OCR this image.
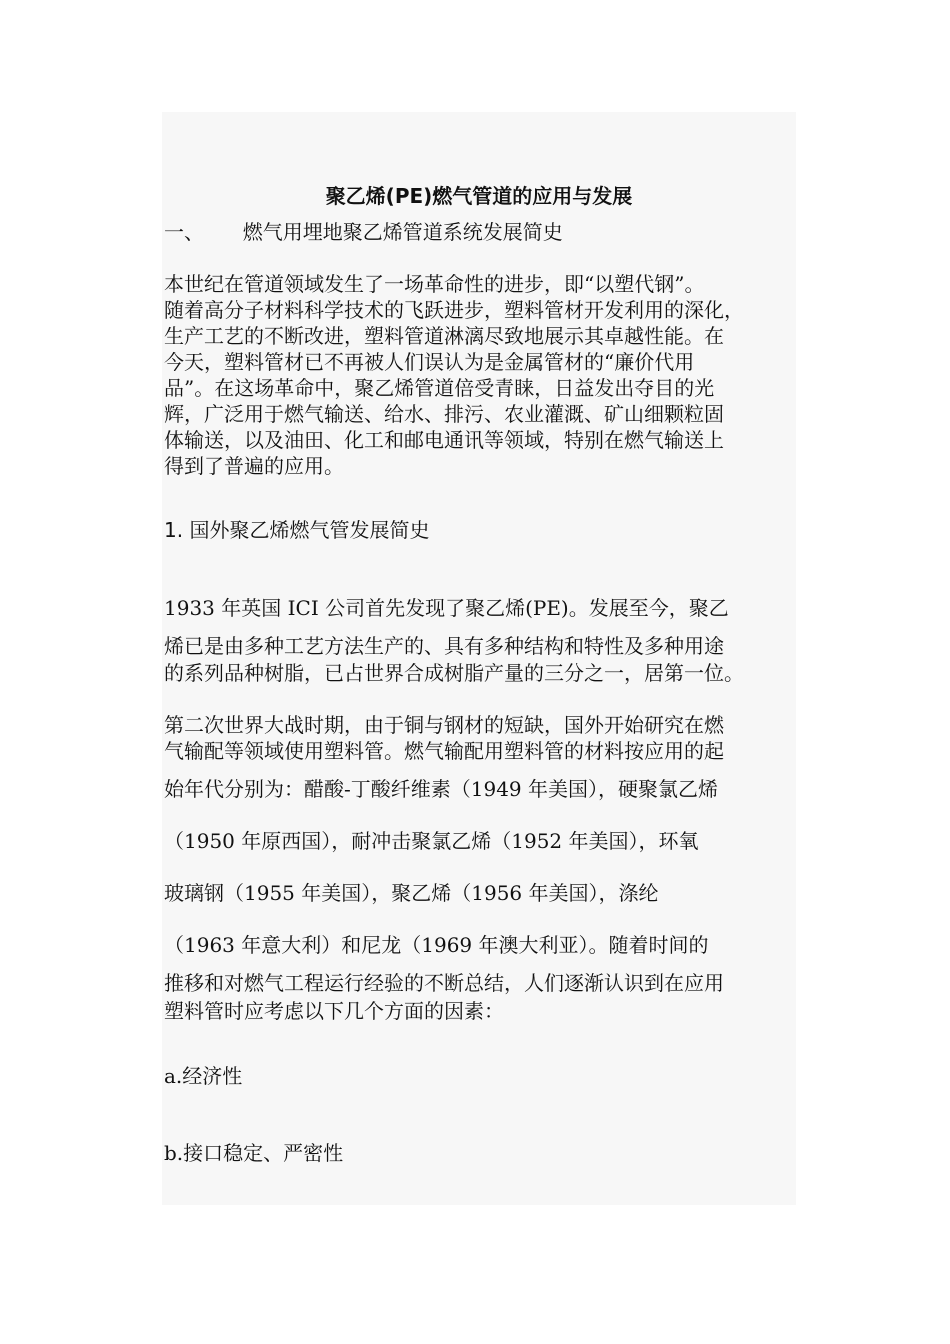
聚乙烯(PE)燃气管道的应用与发展
一、 燃气用埋地聚乙烯管道系统发展简史
本世纪在管道领域发生了一场革命性的进步，即“以塑代钢”。
随着高分子材料科学技术的飞跃进步，塑料管材开发利用的深化，
生产工艺的不断改进，塑料管道淋漓尽致地展示其卓越性能。在
今天，塑料管材已不再被人们误认为是金属管材的“廉价代用
品”。在这场革命中，聚乙烯管道倍受青睐，日益发出夺目的光
辉，广泛用于燃气输送、给水、排污、农业灌溉、矿山细颗粒固
体输送，以及油田、化工和邮电通讯等领域，特别在燃气输送上
得到了普遍的应用。
1. 国外聚乙烯燃气管发展简史
1933 年英国 ICI 公司首先发现了聚乙烯(PE)。发展至今，聚乙
烯已是由多种工艺方法生产的、具有多种结构和特性及多种用途
的系列品种树脂，已占世界合成树脂产量的三分之一，居第一位。
第二次世界大战时期，由于铜与钢材的短缺，国外开始研究在燃
气输配等领域使用塑料管。燃气输配用塑料管的材料按应用的起
始年代分别为：醋酸-丁酸纤维素（1949 年美国），硬聚氯乙烯
（1950 年原西国），耐冲击聚氯乙烯（1952 年美国），环氧
玻璃钢（1955 年美国），聚乙烯（1956 年美国），涤纶
（1963 年意大利）和尼龙（1969 年澳大利亚）。随着时间的
推移和对燃气工程运行经验的不断总结，人们逐渐认识到在应用
塑料管时应考虑以下几个方面的因素：
a.经济性
b.接口稳定、严密性
